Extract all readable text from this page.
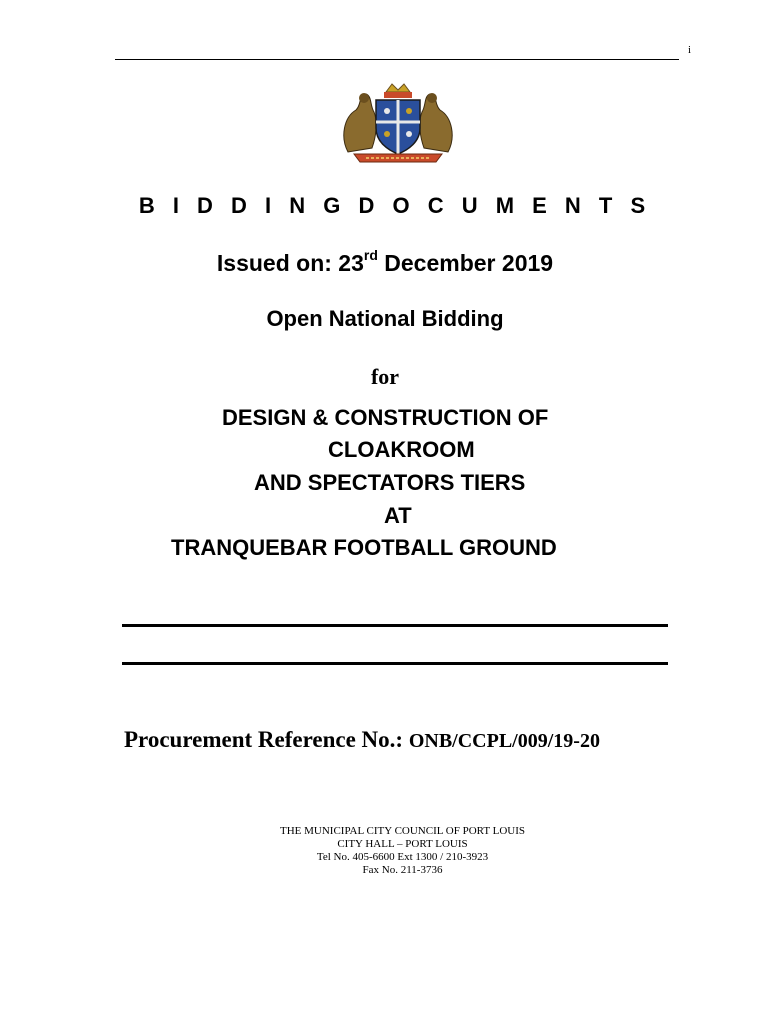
i
B I D D I N G D O C U M E N T S
Issued on: 23rd December 2019
Open National Bidding
for
DESIGN & CONSTRUCTION OF
CLOAKROOM
AND SPECTATORS TIERS
AT
TRANQUEBAR FOOTBALL GROUND
Procurement Reference No.: ONB/CCPL/009/19-20
THE MUNICIPAL CITY COUNCIL OF PORT LOUIS
CITY HALL – PORT LOUIS
Tel No. 405-6600 Ext 1300 / 210-3923
Fax No. 211-3736
